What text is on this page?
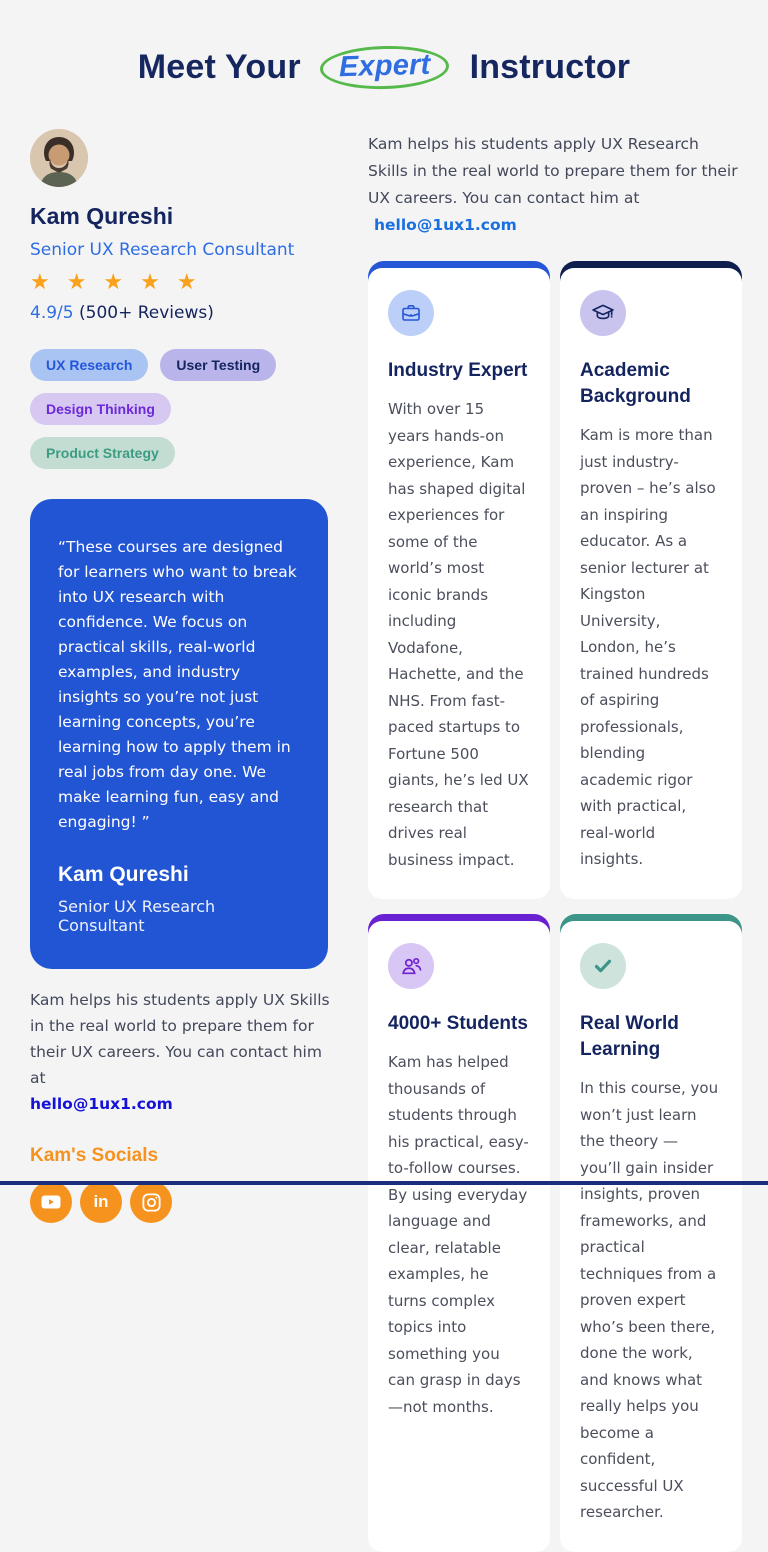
Meet Your Expert Instructor
Kam Qureshi
Senior UX Research Consultant
★ ★ ★ ★ ★
4.9/5 (500+ Reviews)
UX Research	User Testing
Design Thinking
Product Strategy
“These courses are designed for learners who want to break into UX research with confidence. We focus on practical skills, real-world examples, and industry insights so you’re not just learning concepts, you’re learning how to apply them in real jobs from day one. We make learning fun, easy and engaging! ”
Kam Qureshi
Senior UX Research Consultant

Kam helps his students apply UX Skills in the real world to prepare them for their UX careers. You can contact him at
hello@1ux1.com

Kam's Socials
in

Kam helps his students apply UX Research Skills in the real world to prepare them for their UX careers. You can contact him at hello@1ux1.com

Industry Expert
With over 15 years hands-on experience, Kam has shaped digital experiences for some of the world’s most iconic brands including Vodafone, Hachette, and the NHS. From fast-paced startups to Fortune 500 giants, he’s led UX research that drives real business impact.
Academic Background
Kam is more than just industry-proven – he’s also an inspiring educator. As a senior lecturer at Kingston University, London, he’s trained hundreds of aspiring professionals, blending academic rigor with practical, real-world insights.
4000+ Students
Kam has helped thousands of students through his practical, easy-to-follow courses. By using everyday language and clear, relatable examples, he turns complex topics into something you can grasp in days—not months.
Real World Learning
In this course, you won’t just learn the theory — you’ll gain insider insights, proven frameworks, and practical techniques from a proven expert who’s been there, done the work, and knows what really helps you become a confident, successful UX researcher.
